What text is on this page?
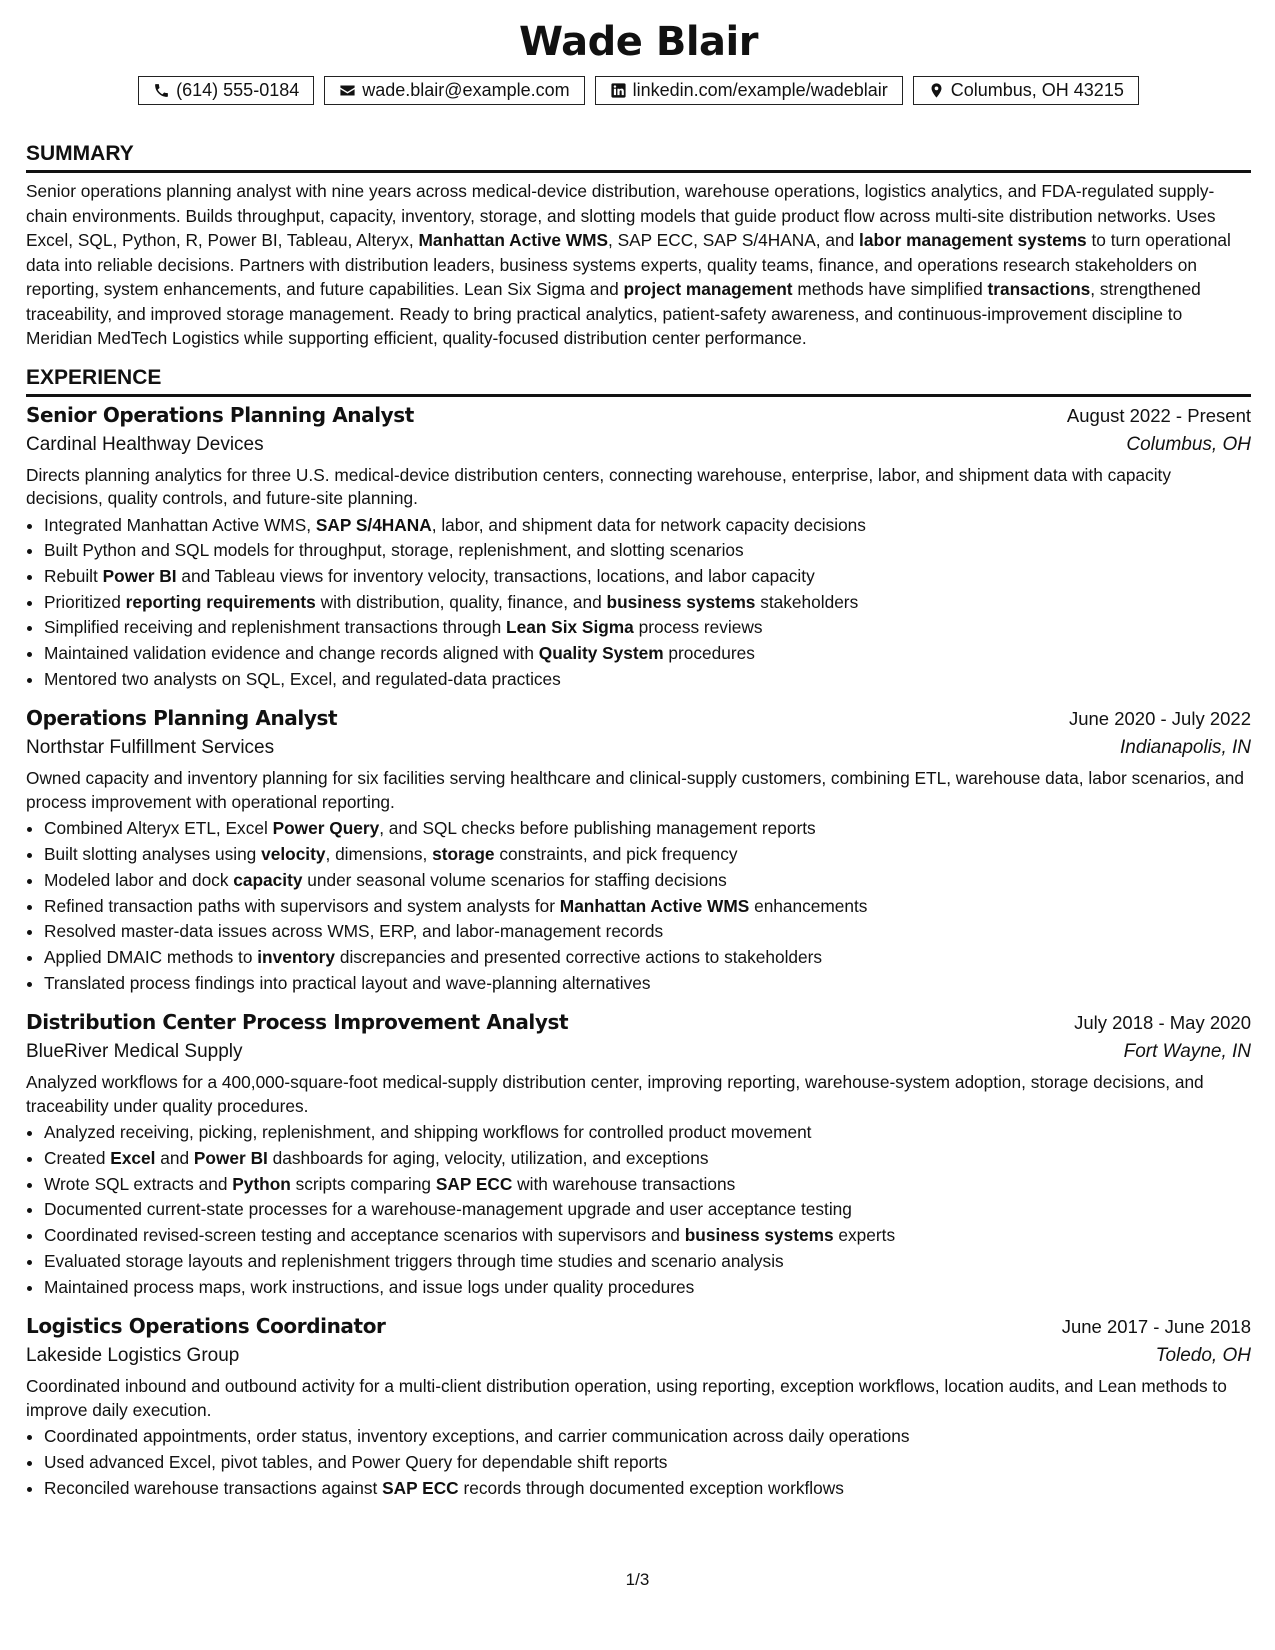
Wade Blair
(614) 555-0184	wade.blair@example.com	linkedin.com/example/wadeblair	Columbus, OH 43215
SUMMARY

Senior operations planning analyst with nine years across medical-device distribution, warehouse operations, logistics analytics, and FDA-regulated supply-chain environments. Builds throughput, capacity, inventory, storage, and slotting models that guide product flow across multi-site distribution networks. Uses Excel, SQL, Python, R, Power BI, Tableau, Alteryx, Manhattan Active WMS, SAP ECC, SAP S/4HANA, and labor management systems to turn operational data into reliable decisions. Partners with distribution leaders, business systems experts, quality teams, finance, and operations research stakeholders on reporting, system enhancements, and future capabilities. Lean Six Sigma and project management methods have simplified transactions, strengthened traceability, and improved storage management. Ready to bring practical analytics, patient-safety awareness, and continuous-improvement discipline to Meridian MedTech Logistics while supporting efficient, quality-focused distribution center performance.

EXPERIENCE
Senior Operations Planning Analyst	August 2022 - Present
Cardinal Healthway Devices	Columbus, OH
Directs planning analytics for three U.S. medical-device distribution centers, connecting warehouse, enterprise, labor, and shipment data with capacity decisions, quality controls, and future-site planning.
• Integrated Manhattan Active WMS, SAP S/4HANA, labor, and shipment data for network capacity decisions
• Built Python and SQL models for throughput, storage, replenishment, and slotting scenarios
• Rebuilt Power BI and Tableau views for inventory velocity, transactions, locations, and labor capacity
• Prioritized reporting requirements with distribution, quality, finance, and business systems stakeholders
• Simplified receiving and replenishment transactions through Lean Six Sigma process reviews
• Maintained validation evidence and change records aligned with Quality System procedures
• Mentored two analysts on SQL, Excel, and regulated-data practices
Operations Planning Analyst	June 2020 - July 2022
Northstar Fulfillment Services	Indianapolis, IN
Owned capacity and inventory planning for six facilities serving healthcare and clinical-supply customers, combining ETL, warehouse data, labor scenarios, and process improvement with operational reporting.
• Combined Alteryx ETL, Excel Power Query, and SQL checks before publishing management reports
• Built slotting analyses using velocity, dimensions, storage constraints, and pick frequency
• Modeled labor and dock capacity under seasonal volume scenarios for staffing decisions
• Refined transaction paths with supervisors and system analysts for Manhattan Active WMS enhancements
• Resolved master-data issues across WMS, ERP, and labor-management records
• Applied DMAIC methods to inventory discrepancies and presented corrective actions to stakeholders
• Translated process findings into practical layout and wave-planning alternatives
Distribution Center Process Improvement Analyst	July 2018 - May 2020
BlueRiver Medical Supply	Fort Wayne, IN
Analyzed workflows for a 400,000-square-foot medical-supply distribution center, improving reporting, warehouse-system adoption, storage decisions, and traceability under quality procedures.
• Analyzed receiving, picking, replenishment, and shipping workflows for controlled product movement
• Created Excel and Power BI dashboards for aging, velocity, utilization, and exceptions
• Wrote SQL extracts and Python scripts comparing SAP ECC with warehouse transactions
• Documented current-state processes for a warehouse-management upgrade and user acceptance testing
• Coordinated revised-screen testing and acceptance scenarios with supervisors and business systems experts
• Evaluated storage layouts and replenishment triggers through time studies and scenario analysis
• Maintained process maps, work instructions, and issue logs under quality procedures
Logistics Operations Coordinator	June 2017 - June 2018
Lakeside Logistics Group	Toledo, OH
Coordinated inbound and outbound activity for a multi-client distribution operation, using reporting, exception workflows, location audits, and Lean methods to improve daily execution.
• Coordinated appointments, order status, inventory exceptions, and carrier communication across daily operations
• Used advanced Excel, pivot tables, and Power Query for dependable shift reports
• Reconciled warehouse transactions against SAP ECC records through documented exception workflows
1/3
